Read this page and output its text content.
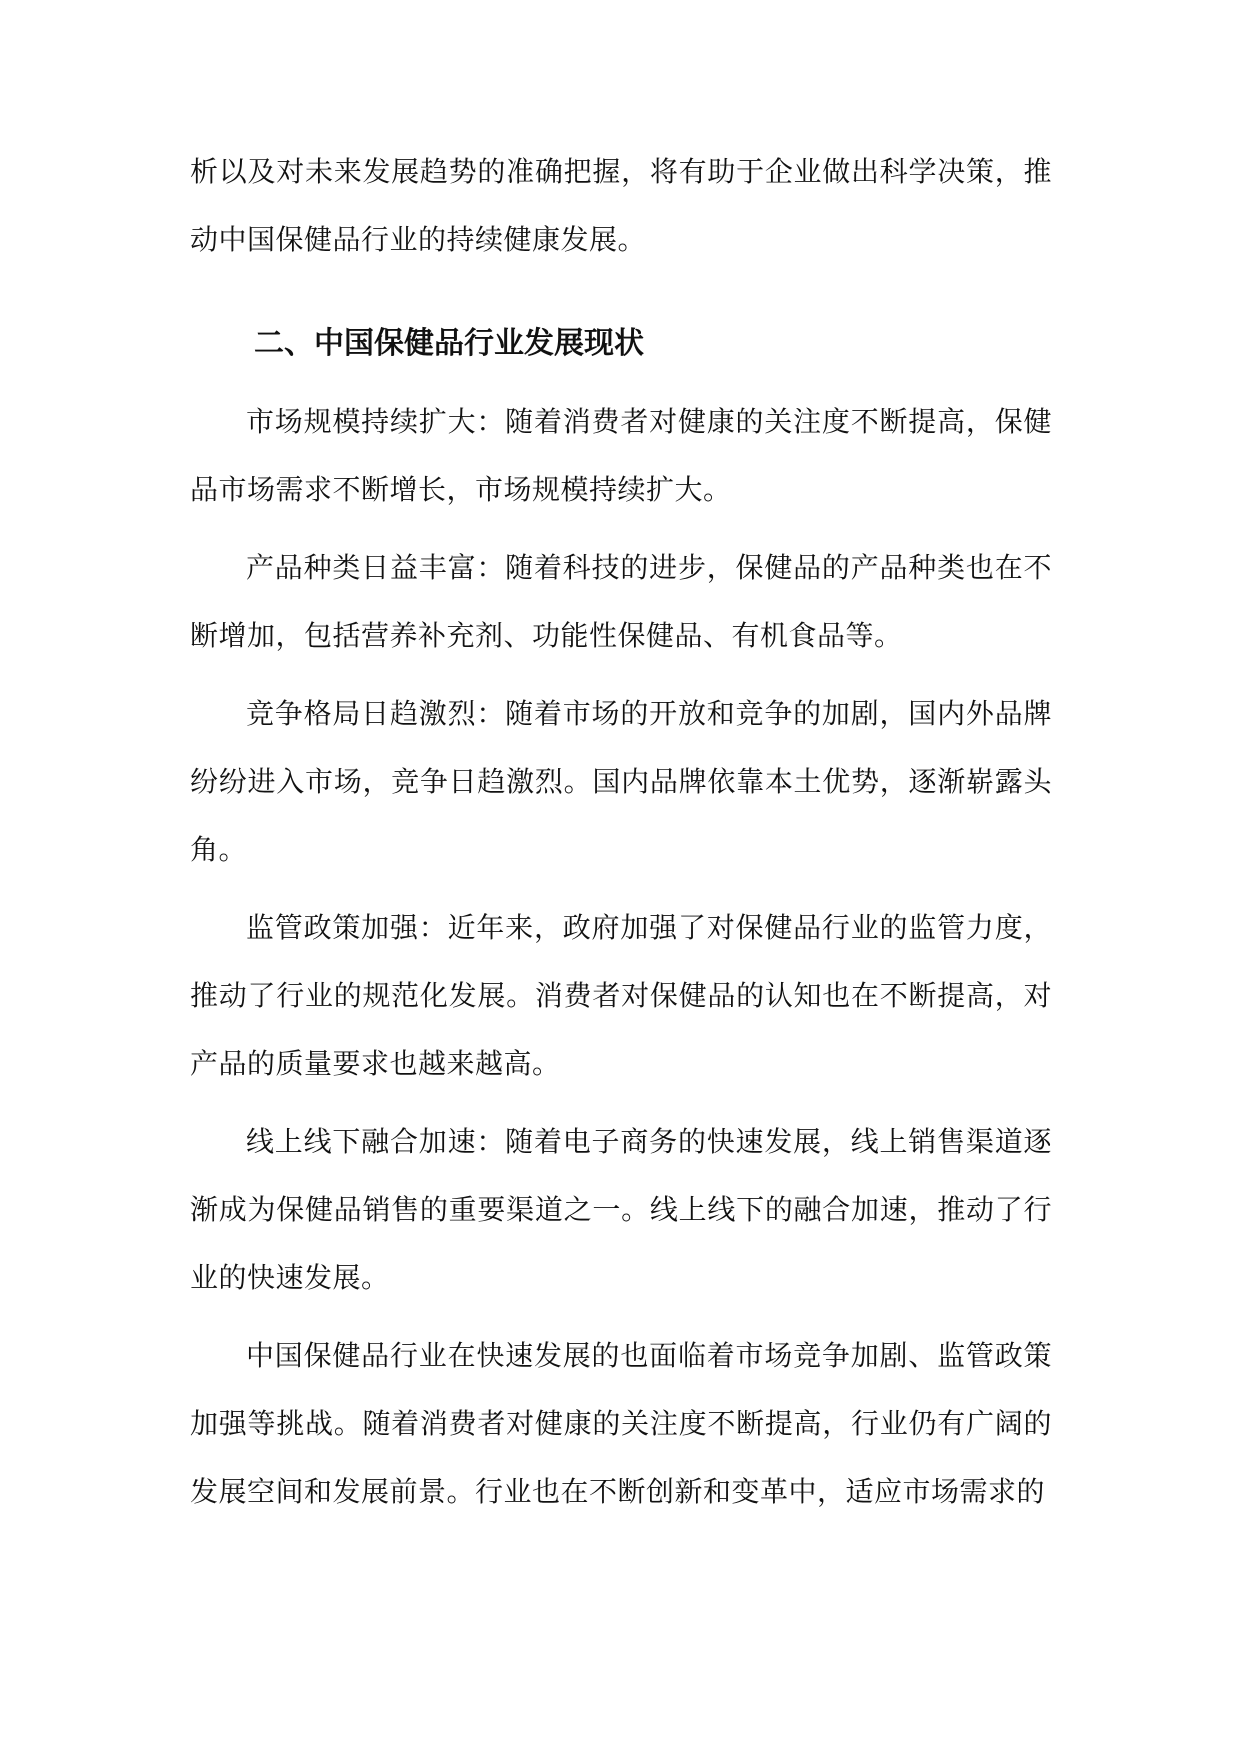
析以及对未来发展趋势的准确把握，将有助于企业做出科学决策，推动中国保健品行业的持续健康发展。

二、中国保健品行业发展现状

市场规模持续扩大：随着消费者对健康的关注度不断提高，保健品市场需求不断增长，市场规模持续扩大。

产品种类日益丰富：随着科技的进步，保健品的产品种类也在不断增加，包括营养补充剂、功能性保健品、有机食品等。

竞争格局日趋激烈：随着市场的开放和竞争的加剧，国内外品牌纷纷进入市场，竞争日趋激烈。国内品牌依靠本土优势，逐渐崭露头角。

监管政策加强：近年来，政府加强了对保健品行业的监管力度，推动了行业的规范化发展。消费者对保健品的认知也在不断提高，对产品的质量要求也越来越高。

线上线下融合加速：随着电子商务的快速发展，线上销售渠道逐渐成为保健品销售的重要渠道之一。线上线下的融合加速，推动了行业的快速发展。

中国保健品行业在快速发展的也面临着市场竞争加剧、监管政策加强等挑战。随着消费者对健康的关注度不断提高，行业仍有广阔的发展空间和发展前景。行业也在不断创新和变革中，适应市场需求的
